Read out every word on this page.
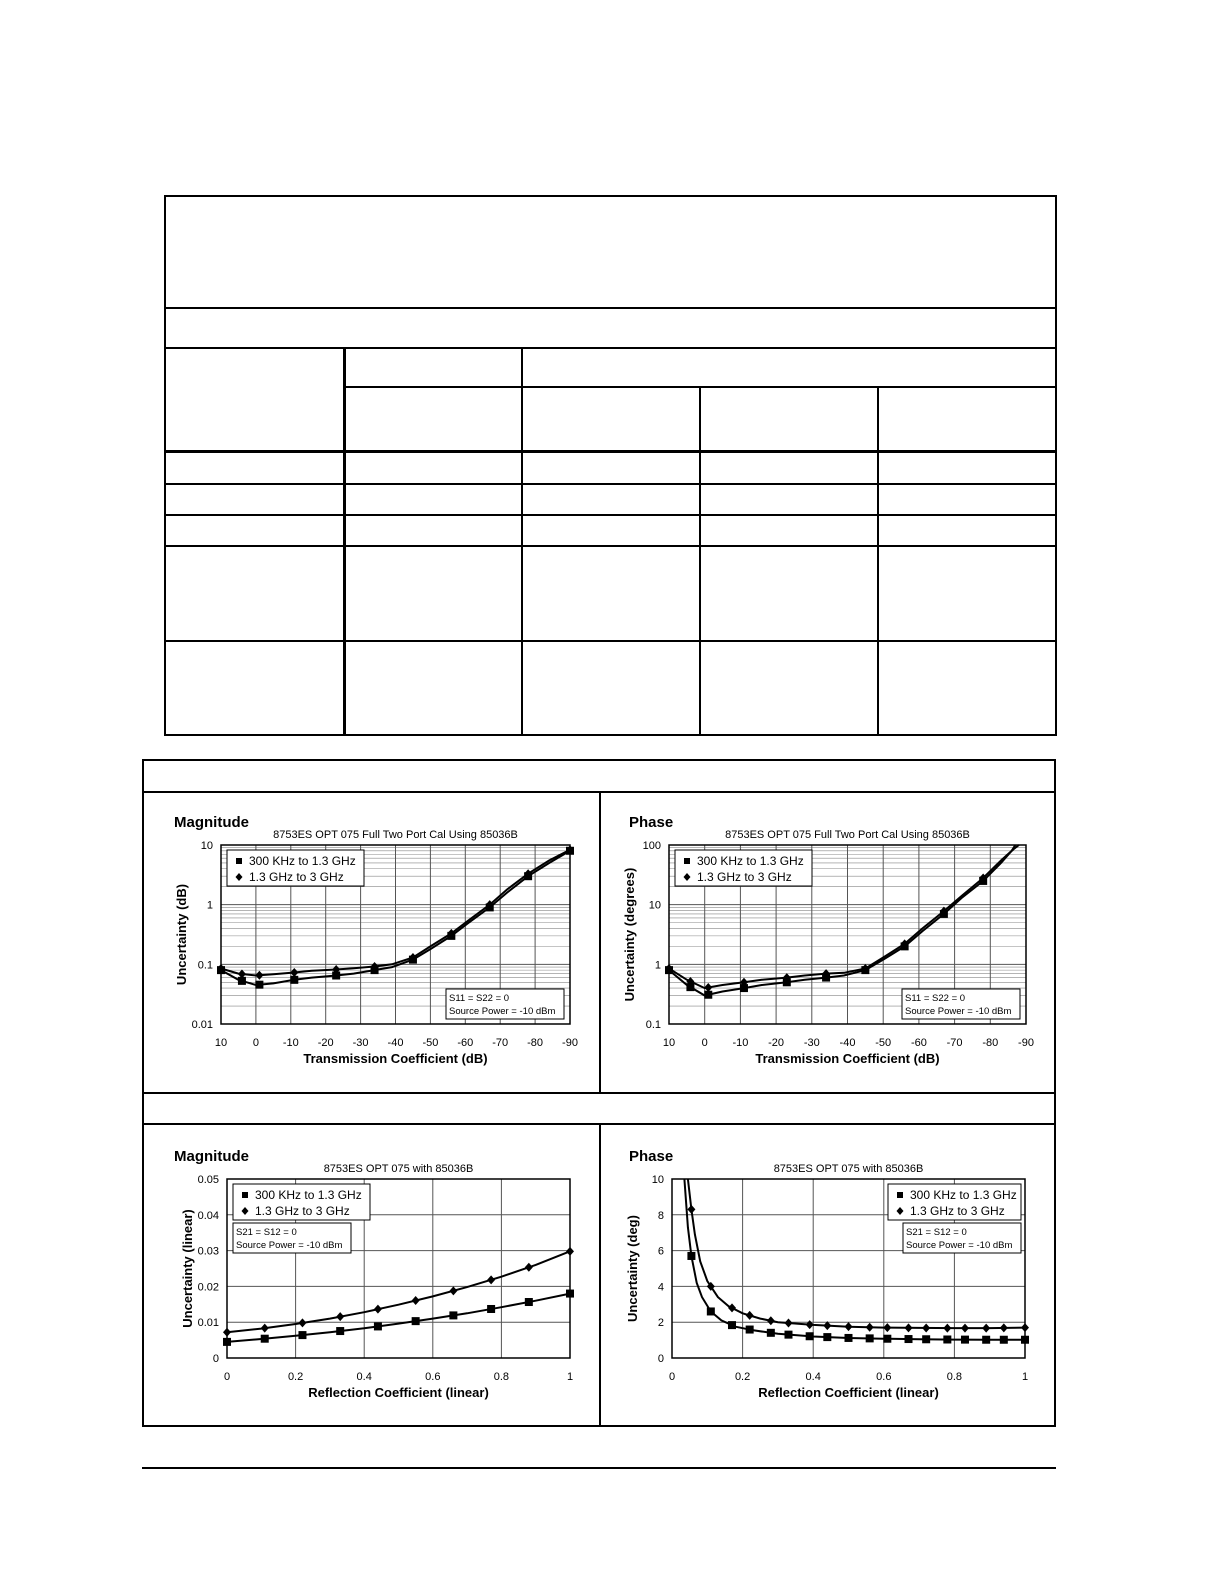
Magnitude
8753ES OPT 075 Full Two Port Cal Using 85036B
0.01
0.1
1
10
10 0 -10 -20 -30 -40 -50 -60 -70 -80 -90
Transmission Coefficient (dB)
Uncertainty (dB)
300 KHz to 1.3 GHz
1.3 GHz to 3 GHz
S11 = S22 = 0
Source Power = -10 dBm
Phase
8753ES OPT 075 Full Two Port Cal Using 85036B
0.1
1
10
100
10 0 -10 -20 -30 -40 -50 -60 -70 -80 -90
Transmission Coefficient (dB)
Uncertainty (degrees)
300 KHz to 1.3 GHz
1.3 GHz to 3 GHz
S11 = S22 = 0
Source Power = -10 dBm
Magnitude
8753ES OPT 075 with 85036B
0
0.01
0.02
0.03
0.04
0.05
0	0.2	0.4	0.6	0.8	1
Reflection Coefficient (linear)
Uncertainty (linear)
300 KHz to 1.3 GHz
1.3 GHz to 3 GHz
S21 = S12 = 0
Source Power = -10 dBm
Phase
8753ES OPT 075 with 85036B
0
2
4
6
8
10
0	0.2	0.4	0.6	0.8	1
Reflection Coefficient (linear)
Uncertainty (deg)
300 KHz to 1.3 GHz
1.3 GHz to 3 GHz
S21 = S12 = 0
Source Power = -10 dBm
